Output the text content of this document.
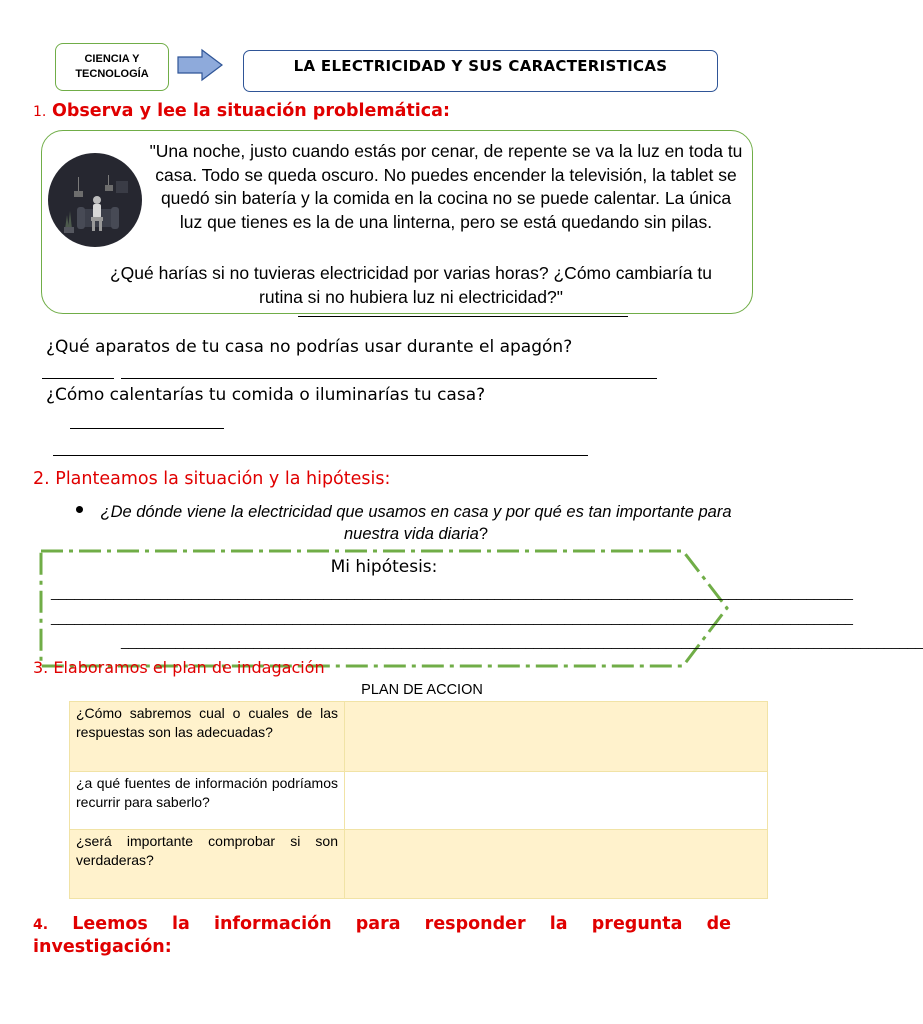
CIENCIA Y
TECNOLOGÍA	LA ELECTRICIDAD Y SUS CARACTERISTICAS
1. Observa y lee la situación problemática:
"Una noche, justo cuando estás por cenar, de repente se va la luz en toda tu casa. Todo se queda oscuro. No puedes encender la televisión, la tablet se quedó sin batería y la comida en la cocina no se puede calentar. La única luz que tienes es la de una linterna, pero se está quedando sin pilas.
¿Qué harías si no tuvieras electricidad por varias horas? ¿Cómo cambiaría tu rutina si no hubiera luz ni electricidad?"
¿Qué aparatos de tu casa no podrías usar durante el apagón?
¿Cómo calentarías tu comida o iluminarías tu casa?
2. Planteamos la situación y la hipótesis:
¿De dónde viene la electricidad que usamos en casa y por qué es tan importante para nuestra vida diaria?
Mi hipótesis:
_______________________________________________________________________________________________________
_______________________________________________________________________________________________________
_______________________________________________________________________________________________________
3. Elaboramos el plan de indagación
PLAN DE ACCION
¿Cómo sabremos cual o cuales de las respuestas son las adecuadas?	
¿a qué fuentes de información podríamos recurrir para saberlo?	
¿será importante comprobar si son verdaderas?	
4. Leemos la información para responder la pregunta de investigación:
